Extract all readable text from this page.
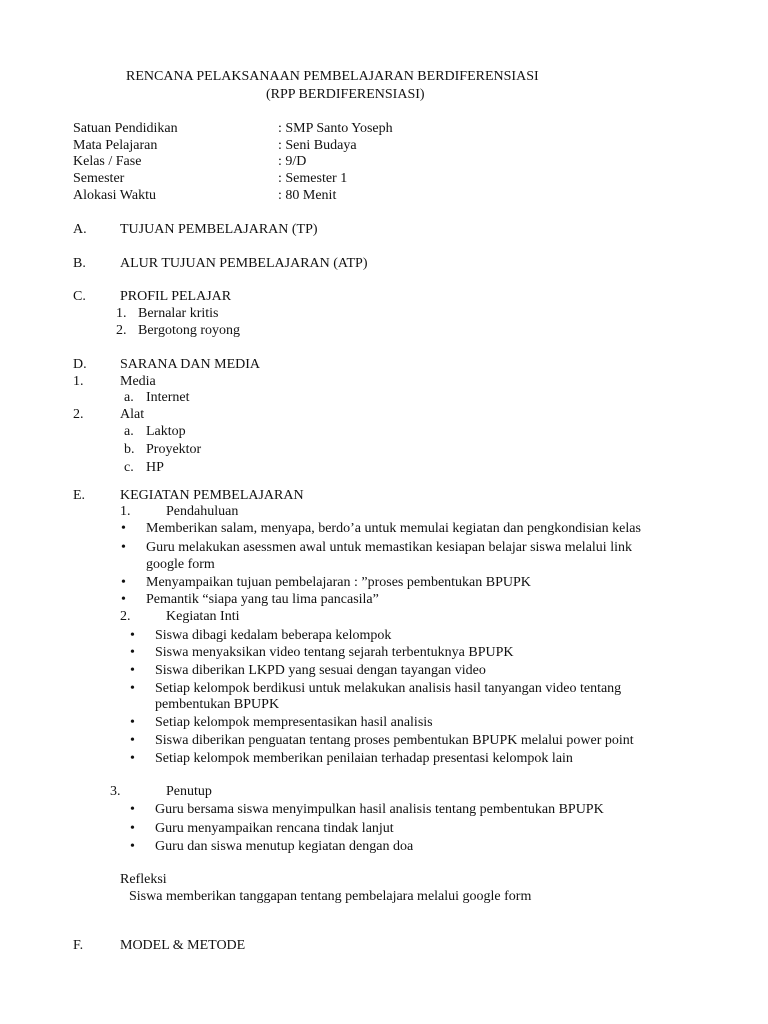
RENCANA PELAKSANAAN PEMBELAJARAN BERDIFERENSIASI
(RPP BERDIFERENSIASI)
Satuan Pendidikan	: SMP Santo Yoseph
Mata Pelajaran	: Seni Budaya
Kelas / Fase	: 9/D
Semester	: Semester 1
Alokasi Waktu	: 80 Menit
A. TUJUAN PEMBELAJARAN (TP)
B. ALUR TUJUAN PEMBELAJARAN (ATP)
C. PROFIL PELAJAR
1. Bernalar kritis
2. Bergotong royong
D. SARANA DAN MEDIA
1.	Media
a. Internet
2.	Alat
a. Laktop
b. Proyektor
c. HP
E. KEGIATAN PEMBELAJARAN
1.	Pendahuluan
• Memberikan salam, menyapa, berdo’a untuk memulai kegiatan dan pengkondisian kelas
• Guru melakukan asessmen awal untuk memastikan kesiapan belajar siswa melalui link
google form
• Menyampaikan tujuan pembelajaran : ”proses pembentukan BPUPK
• Pemantik “siapa yang tau lima pancasila”
2.	Kegiatan Inti
• Siswa dibagi kedalam beberapa kelompok
• Siswa menyaksikan video tentang sejarah terbentuknya BPUPK
• Siswa diberikan LKPD yang sesuai dengan tayangan video
• Setiap kelompok berdikusi untuk melakukan analisis hasil tanyangan video tentang
pembentukan BPUPK
• Setiap kelompok mempresentasikan hasil analisis
• Siswa diberikan penguatan tentang proses pembentukan BPUPK melalui power point
• Setiap kelompok memberikan penilaian terhadap presentasi kelompok lain
3.	Penutup
• Guru bersama siswa menyimpulkan hasil analisis tentang pembentukan BPUPK
• Guru menyampaikan rencana tindak lanjut
• Guru dan siswa menutup kegiatan dengan doa
Refleksi
Siswa memberikan tanggapan tentang pembelajara melalui google form
F.	MODEL & METODE
